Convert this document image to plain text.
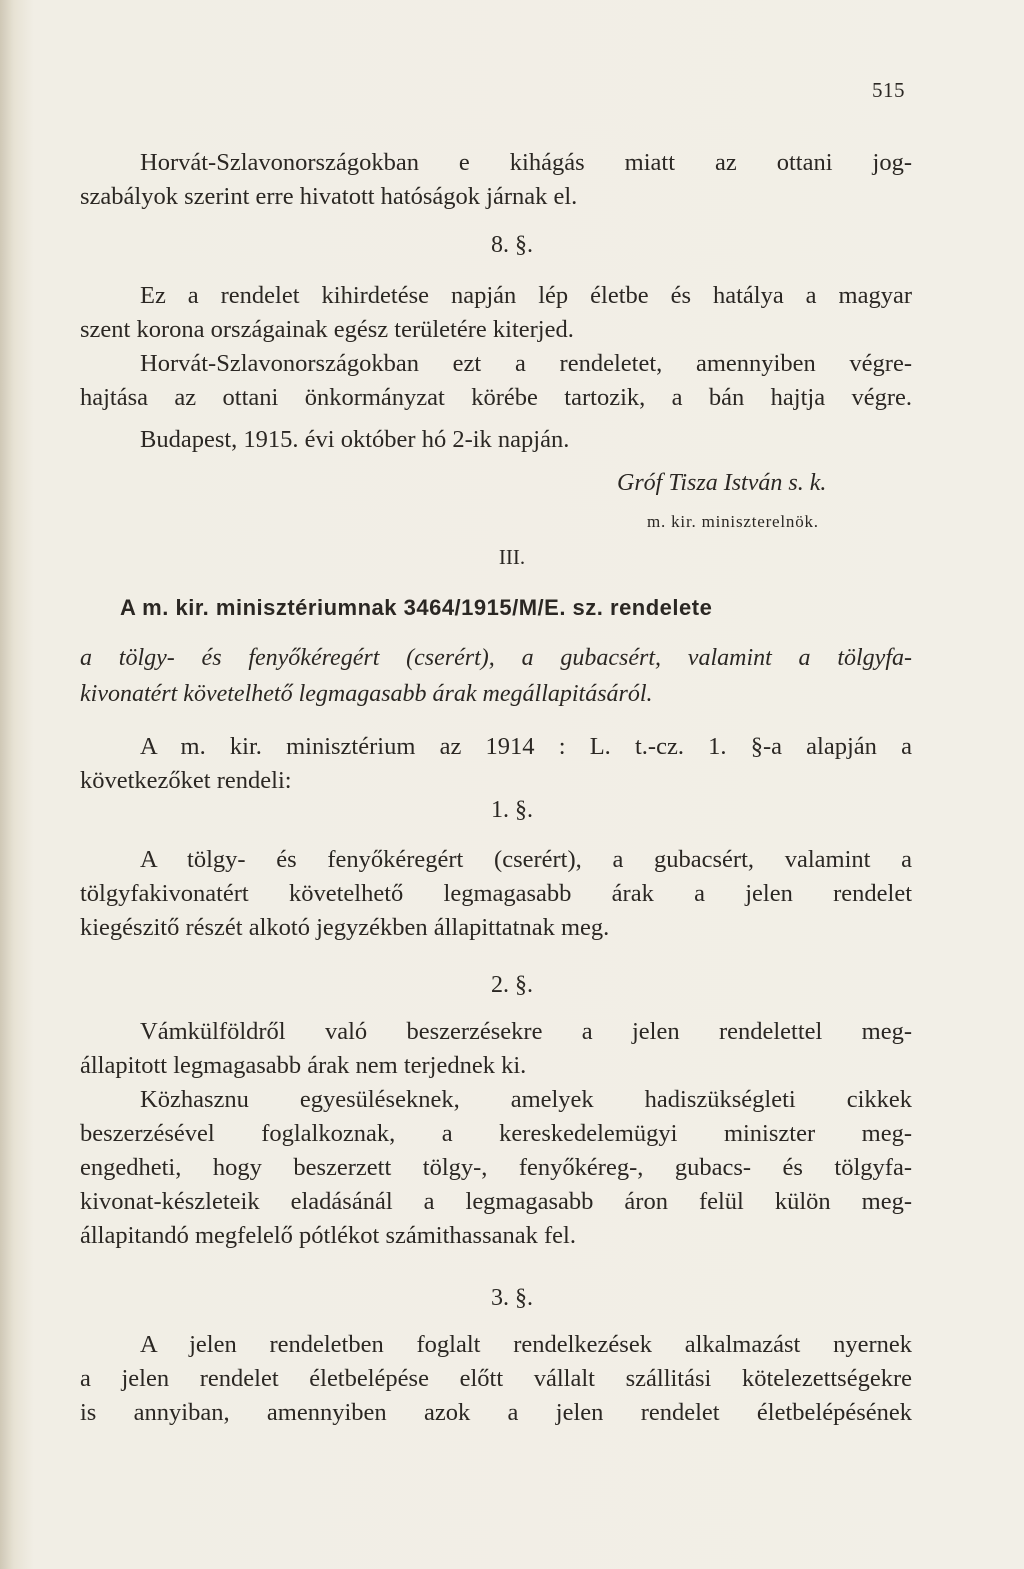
515
Horvát-Szlavonországokban e kihágás miatt az ottani jog-
szabályok szerint erre hivatott hatóságok járnak el.

8. §.

Ez a rendelet kihirdetése napján lép életbe és hatálya a magyar
szent korona országainak egész területére kiterjed.
Horvát-Szlavonországokban ezt a rendeletet, amennyiben végre-
hajtása az ottani önkormányzat körébe tartozik, a bán hajtja végre.
Budapest, 1915. évi október hó 2-ik napján.
Gróf Tisza István s. k.
m. kir. miniszterelnök.

III.

A m. kir. minisztériumnak 3464/1915/M/E. sz. rendelete

a tölgy- és fenyőkéregért (cserért), a gubacsért, valamint a tölgyfa-
kivonatért követelhető legmagasabb árak megállapitásáról.
A m. kir. minisztérium az 1914 : L. t.-cz. 1. §-a alapján a
következőket rendeli:

1. §.

A tölgy- és fenyőkéregért (cserért), a gubacsért, valamint a
tölgyfakivonatért követelhető legmagasabb árak a jelen rendelet
kiegészitő részét alkotó jegyzékben állapittatnak meg.

2. §.

Vámkülföldről való beszerzésekre a jelen rendelettel meg-
állapitott legmagasabb árak nem terjednek ki.
Közhasznu egyesüléseknek, amelyek hadiszükségleti cikkek
beszerzésével foglalkoznak, a kereskedelemügyi miniszter meg-
engedheti, hogy beszerzett tölgy-, fenyőkéreg-, gubacs- és tölgyfa-
kivonat-készleteik eladásánál a legmagasabb áron felül külön meg-
állapitandó megfelelő pótlékot számithassanak fel.

3. §.

A jelen rendeletben foglalt rendelkezések alkalmazást nyernek
a jelen rendelet életbelépése előtt vállalt szállitási kötelezettségekre
is annyiban, amennyiben azok a jelen rendelet életbelépésének
